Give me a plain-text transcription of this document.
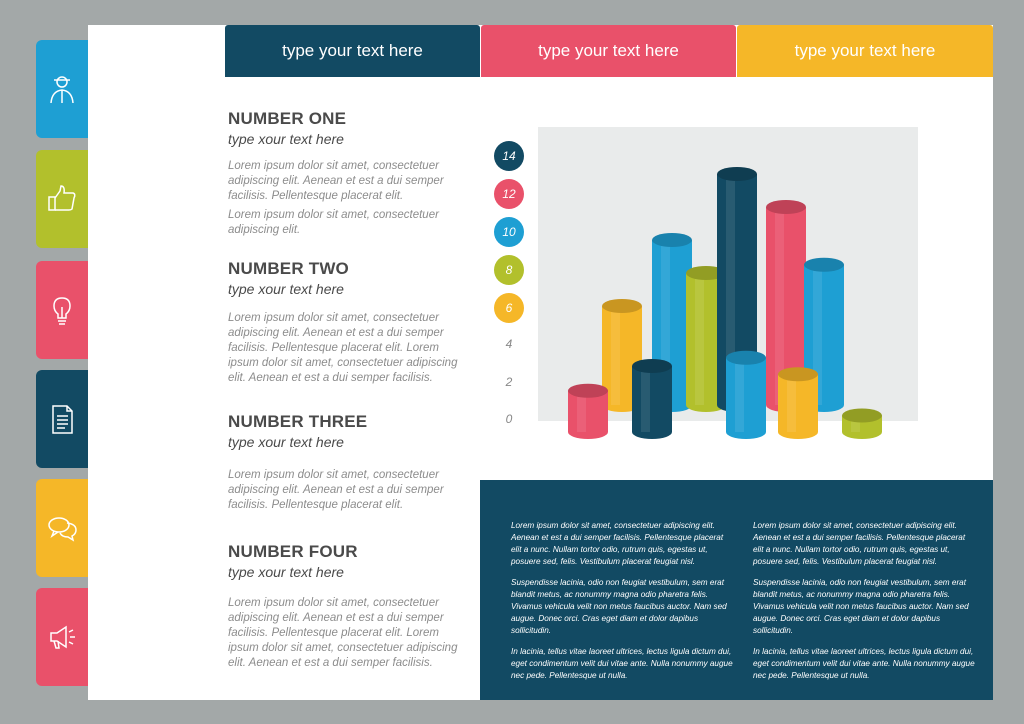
type your text here	type your text here	type your text here
NUMBER ONE
type xour text here
Lorem ipsum dolor sit amet, consectetuer adipiscing elit. Aenean et est a dui semper facilisis. Pellentesque placerat elit.
Lorem ipsum dolor sit amet, consectetuer adipiscing elit.
NUMBER TWO
type xour text here
Lorem ipsum dolor sit amet, consectetuer adipiscing elit. Aenean et est a dui semper facilisis. Pellentesque placerat elit. Lorem ipsum dolor sit amet, consectetuer adipiscing elit. Aenean et est a dui semper facilisis.
NUMBER THREE
type xour text here
Lorem ipsum dolor sit amet, consectetuer adipiscing elit. Aenean et est a dui semper facilisis. Pellentesque placerat elit.
NUMBER FOUR
type xour text here
Lorem ipsum dolor sit amet, consectetuer adipiscing elit. Aenean et est a dui semper facilisis. Pellentesque placerat elit. Lorem ipsum dolor sit amet, consectetuer adipiscing elit. Aenean et est a dui semper facilisis.
14
12
10
8
6
4
2
0

Lorem ipsum dolor sit amet, consectetuer adipiscing elit. Aenean et est a dui semper facilisis. Pellentesque placerat elit a nunc. Nullam tortor odio, rutrum quis, egestas ut, posuere sed, felis. Vestibulum placerat feugiat nisl.

Suspendisse lacinia, odio non feugiat vestibulum, sem erat blandit metus, ac nonummy magna odio pharetra felis. Vivamus vehicula velit non metus faucibus auctor. Nam sed augue. Donec orci. Cras eget diam et dolor dapibus sollicitudin.

In lacinia, tellus vitae laoreet ultrices, lectus ligula dictum dui, eget condimentum velit dui vitae ante. Nulla nonummy augue nec pede. Pellentesque ut nulla.

Lorem ipsum dolor sit amet, consectetuer adipiscing elit. Aenean et est a dui semper facilisis. Pellentesque placerat elit a nunc. Nullam tortor odio, rutrum quis, egestas ut, posuere sed, felis. Vestibulum placerat feugiat nisl.

Suspendisse lacinia, odio non feugiat vestibulum, sem erat blandit metus, ac nonummy magna odio pharetra felis. Vivamus vehicula velit non metus faucibus auctor. Nam sed augue. Donec orci. Cras eget diam et dolor dapibus sollicitudin.

In lacinia, tellus vitae laoreet ultrices, lectus ligula dictum dui, eget condimentum velit dui vitae ante. Nulla nonummy augue nec pede. Pellentesque ut nulla.
